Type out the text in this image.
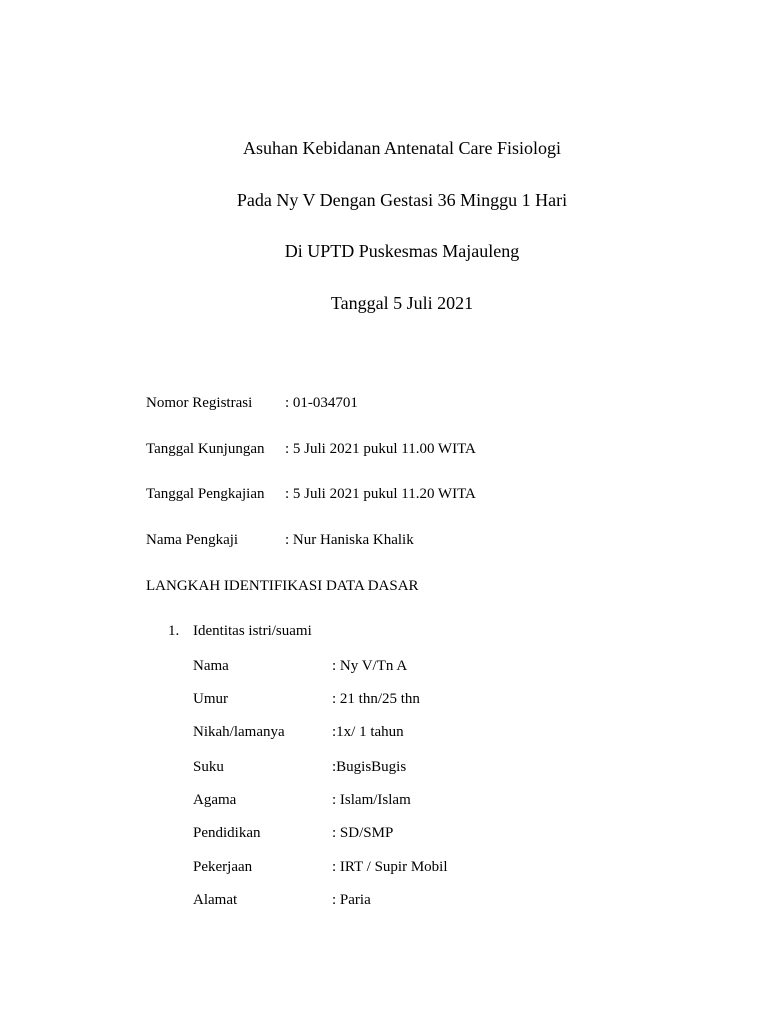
Asuhan Kebidanan Antenatal Care Fisiologi
Pada Ny V Dengan Gestasi 36 Minggu 1 Hari
Di UPTD Puskesmas Majauleng
Tanggal 5 Juli 2021
Nomor Registrasi : 01-034701
Tanggal Kunjungan : 5 Juli 2021 pukul 11.00 WITA
Tanggal Pengkajian : 5 Juli 2021 pukul 11.20 WITA
Nama Pengkaji	: Nur Haniska Khalik
LANGKAH IDENTIFIKASI DATA DASAR
1. Identitas istri/suami
Nama	: Ny V/Tn A
Umur	: 21 thn/25 thn
Nikah/lamanya	:1x/ 1 tahun
Suku	:BugisBugis
Agama	: Islam/Islam
Pendidikan	: SD/SMP
Pekerjaan	: IRT / Supir Mobil
Alamat	: Paria
